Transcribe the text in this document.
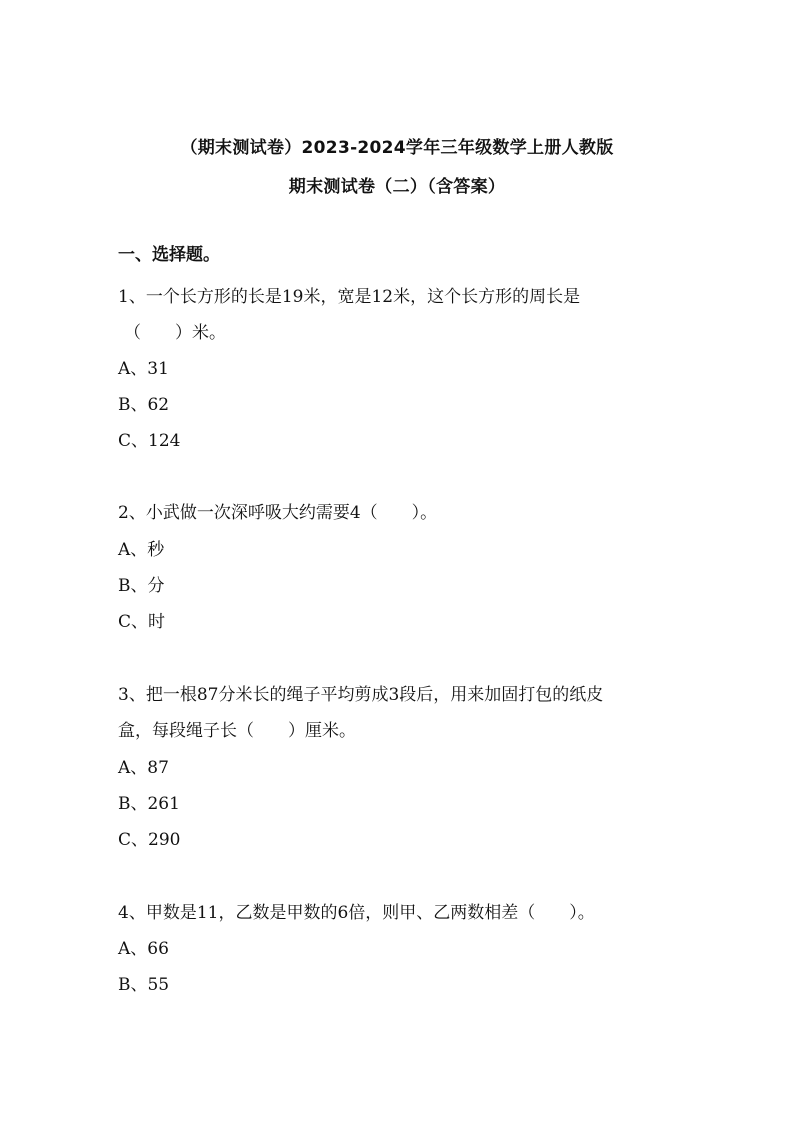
（期末测试卷）2023-2024学年三年级数学上册人教版
期末测试卷（二）（含答案）
一、选择题。
1、一个长方形的长是19米，宽是12米，这个长方形的周长是
（　　）米。
A、31
B、62
C、124
2、小武做一次深呼吸大约需要4（　　）。
A、秒
B、分
C、时
3、把一根87分米长的绳子平均剪成3段后，用来加固打包的纸皮
盒，每段绳子长（　　）厘米。
A、87
B、261
C、290
4、甲数是11，乙数是甲数的6倍，则甲、乙两数相差（　　）。
A、66
B、55
